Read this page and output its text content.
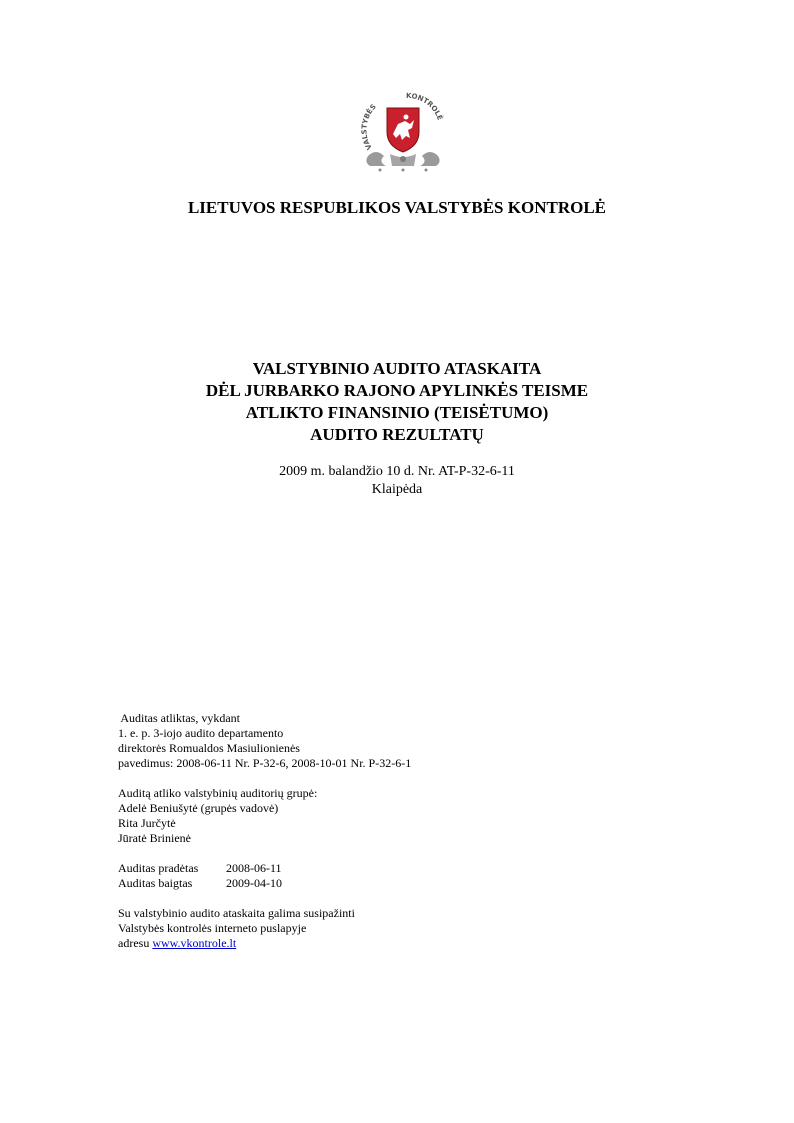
VALSTYBĖS
KONTROLĖ
LIETUVOS RESPUBLIKOS VALSTYBĖS KONTROLĖ
VALSTYBINIO AUDITO ATASKAITA
DĖL JURBARKO RAJONO APYLINKĖS TEISME
ATLIKTO FINANSINIO (TEISĖTUMO)
AUDITO REZULTATŲ
2009 m. balandžio 10 d. Nr. AT-P-32-6-11
Klaipėda
Auditas atliktas, vykdant
1. e. p. 3-iojo audito departamento
direktorės Romualdos Masiulionienės
pavedimus: 2008-06-11 Nr. P-32-6, 2008-10-01 Nr. P-32-6-1
Auditą atliko valstybinių auditorių grupė:
Adelė Beniušytė (grupės vadovė)
Rita Jurčytė
Jūratė Brinienė
Auditas pradėtas 2008-06-11
Auditas baigtas	2009-04-10
Su valstybinio audito ataskaita galima susipažinti
Valstybės kontrolės interneto puslapyje
adresu www.vkontrole.lt
